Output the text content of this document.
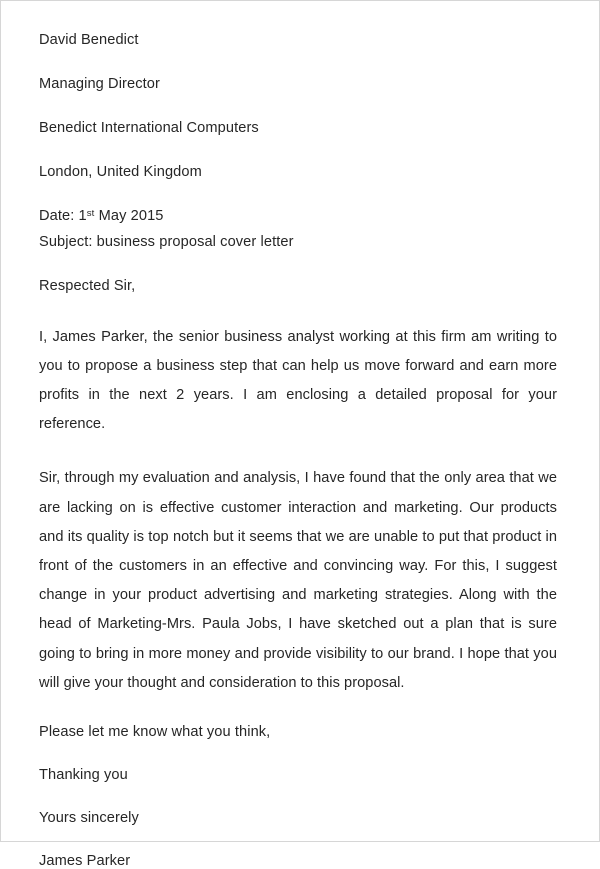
David Benedict
Managing Director
Benedict International Computers
London, United Kingdom
Date: 1st May 2015
Subject: business proposal cover letter
Respected Sir,

I, James Parker, the senior business analyst working at this firm am writing to you to propose a business step that can help us move forward and earn more profits in the next 2 years. I am enclosing a detailed proposal for your reference.

Sir, through my evaluation and analysis, I have found that the only area that we are lacking on is effective customer interaction and marketing. Our products and its quality is top notch but it seems that we are unable to put that product in front of the customers in an effective and convincing way. For this, I suggest change in your product advertising and marketing strategies. Along with the head of Marketing-Mrs. Paula Jobs, I have sketched out a plan that is sure going to bring in more money and provide visibility to our brand. I hope that you will give your thought and consideration to this proposal.

Please let me know what you think,
Thanking you
Yours sincerely
James Parker
